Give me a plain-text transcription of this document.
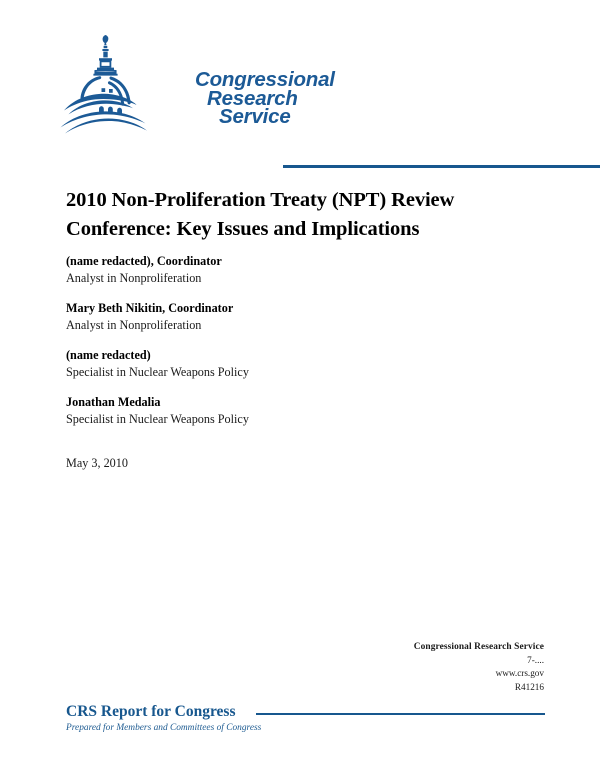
Congressional
Research
Service
2010 Non-Proliferation Treaty (NPT) Review
Conference: Key Issues and Implications
(name redacted), Coordinator
Analyst in Nonproliferation
Mary Beth Nikitin, Coordinator
Analyst in Nonproliferation
(name redacted)
Specialist in Nuclear Weapons Policy
Jonathan Medalia
Specialist in Nuclear Weapons Policy
May 3, 2010
Congressional Research Service
7-....
www.crs.gov
R41216
CRS Report for Congress
Prepared for Members and Committees of Congress
